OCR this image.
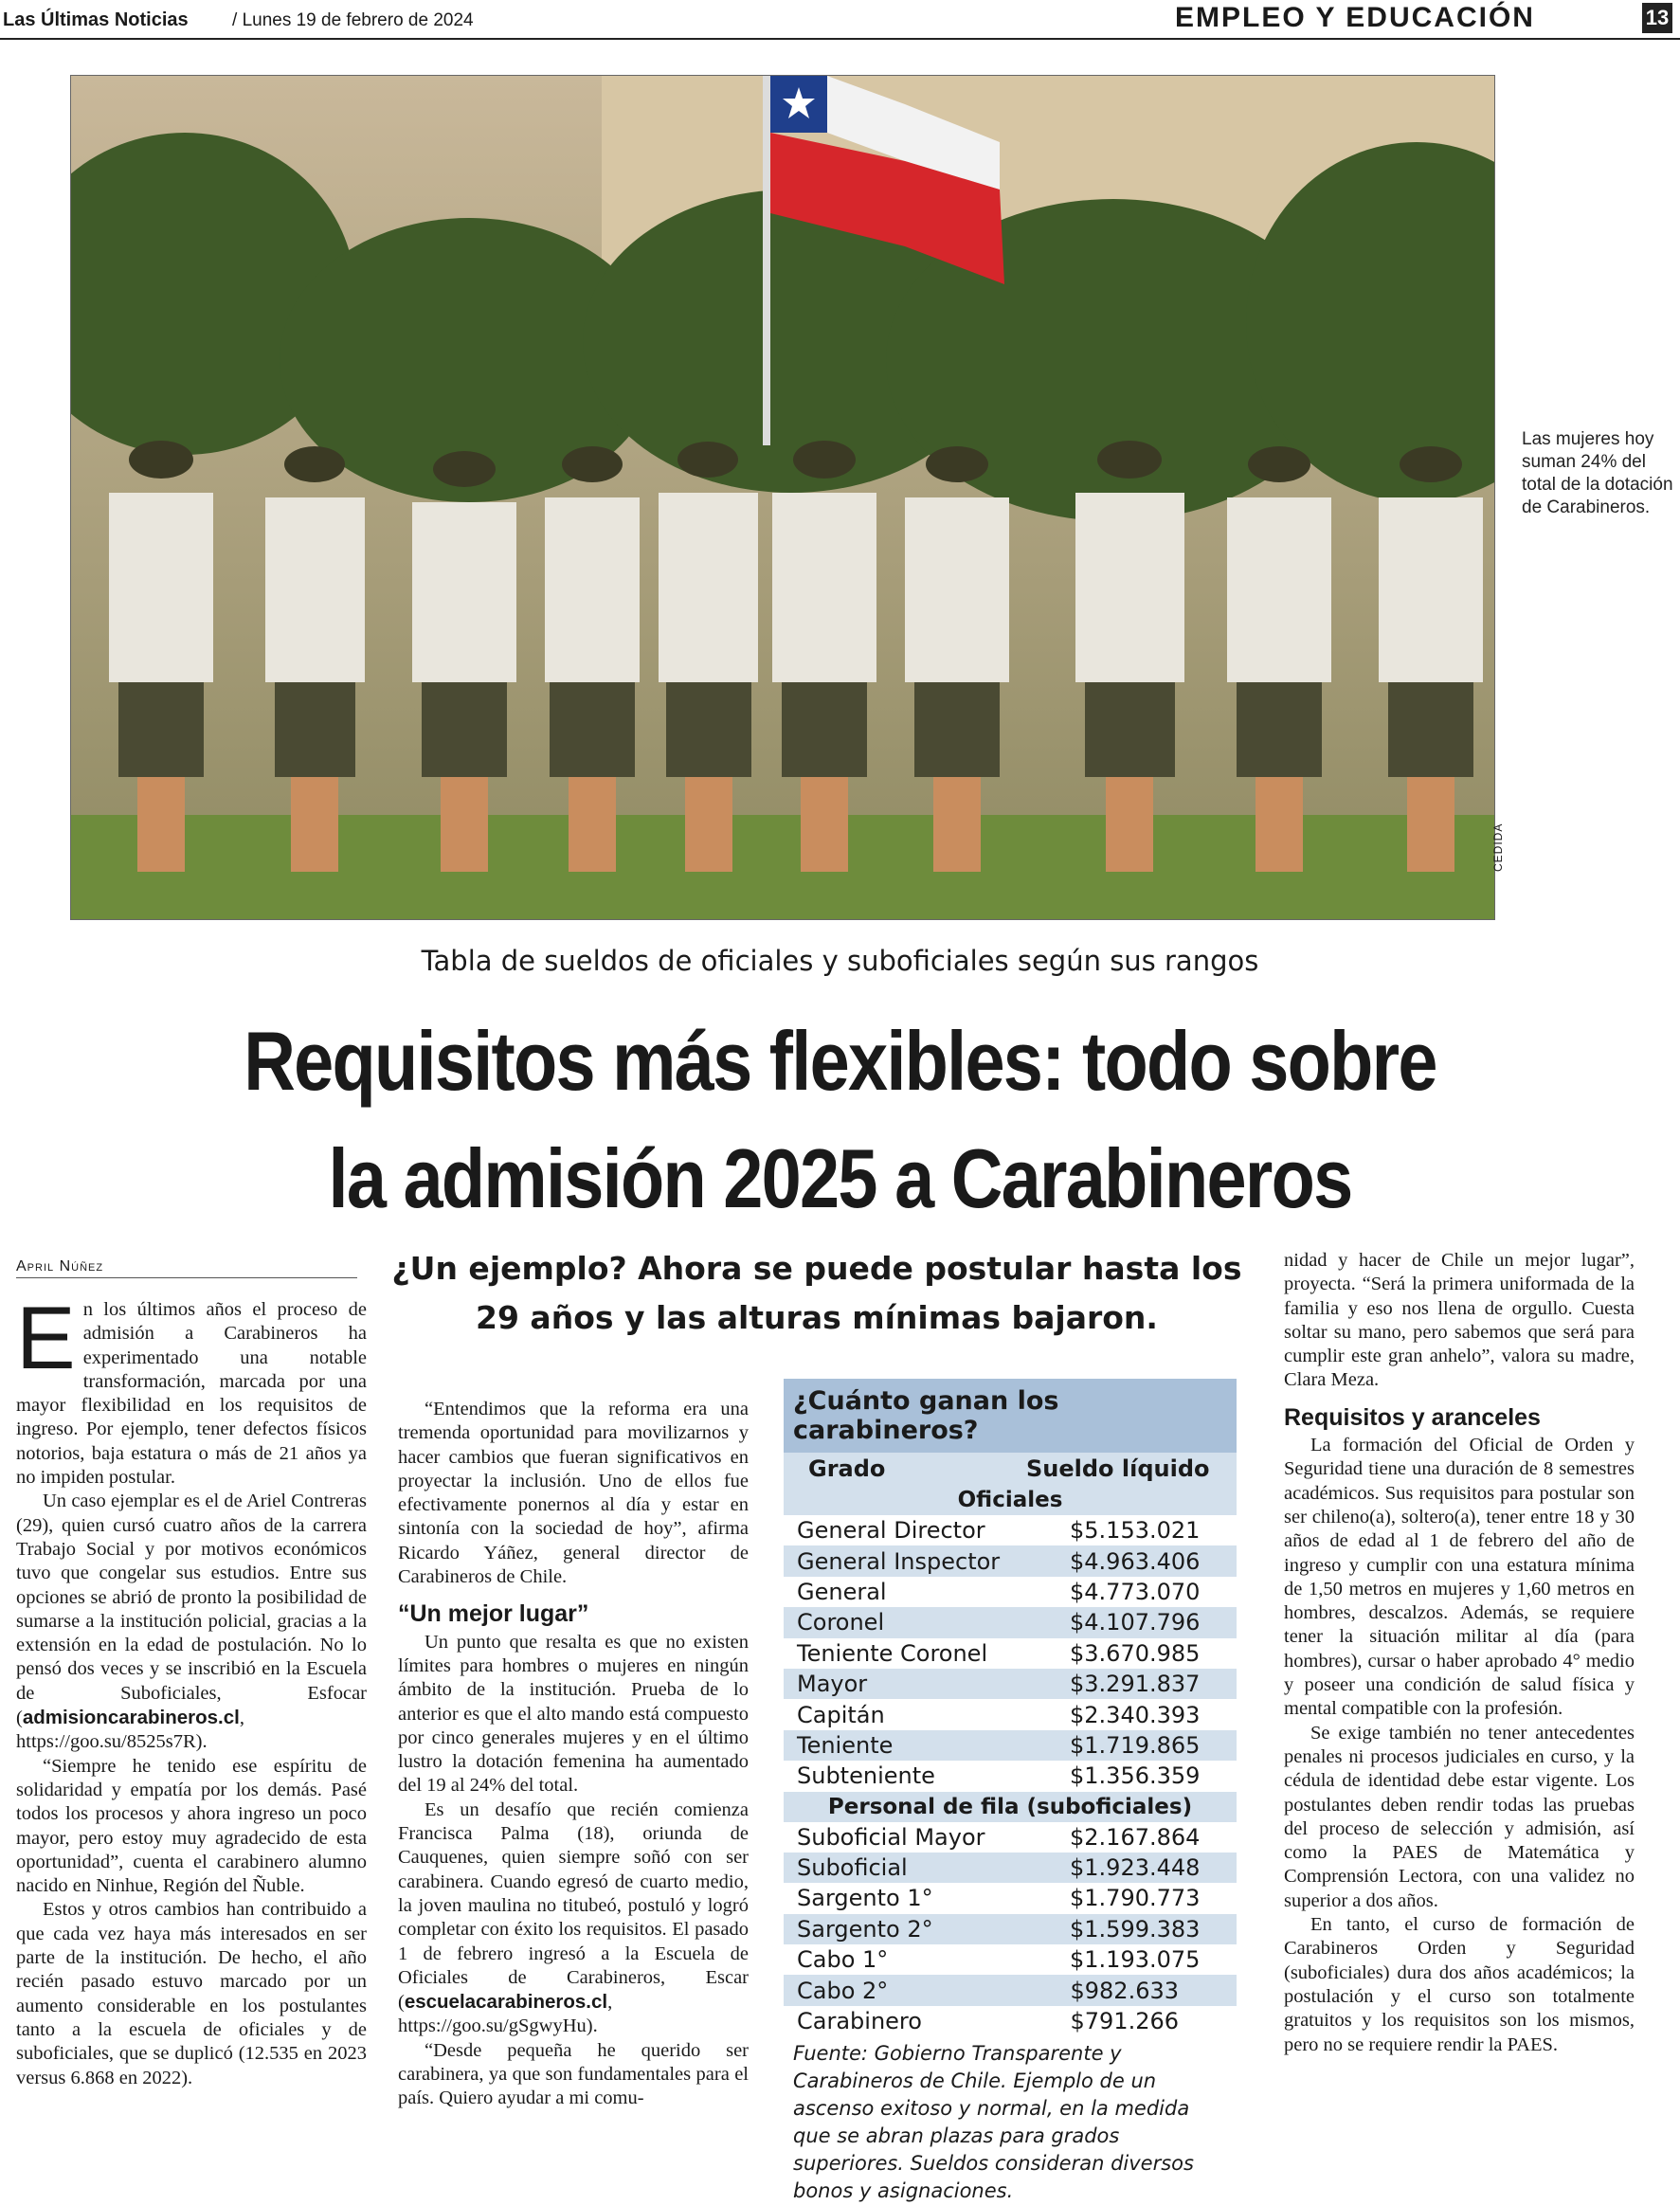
Las Últimas Noticias / Lunes 19 de febrero de 2024	EMPLEO Y EDUCACIÓN	13
Las mujeres hoy suman 24% del total de la dotación de Carabineros.
CEDIDA
Tabla de sueldos de oficiales y suboficiales según sus rangos
Requisitos más flexibles: todo sobre
la admisión 2025 a Carabineros
¿Un ejemplo? Ahora se puede postular hasta los 29 años y las alturas mínimas bajaron.
April Núñez

En los últimos años el proceso de admisión a Carabineros ha experimentado una notable transformación, marcada por una mayor flexibilidad en los requisitos de ingreso. Por ejemplo, tener defectos físicos notorios, baja estatura o más de 21 años ya no impiden postular.

Un caso ejemplar es el de Ariel Contreras (29), quien cursó cuatro años de la carrera Trabajo Social y por motivos económicos tuvo que congelar sus estudios. Entre sus opciones se abrió de pronto la posibilidad de sumarse a la institución policial, gracias a la extensión en la edad de postulación. No lo pensó dos veces y se inscribió en la Escuela de Suboficiales, Esfocar (admisioncarabineros.cl, https://goo.su/8525s7R).

“Siempre he tenido ese espíritu de solidaridad y empatía por los demás. Pasé todos los procesos y ahora ingreso un poco mayor, pero estoy muy agradecido de esta oportunidad”, cuenta el carabinero alumno nacido en Ninhue, Región del Ñuble.

Estos y otros cambios han contribuido a que cada vez haya más interesados en ser parte de la institución. De hecho, el año recién pasado estuvo marcado por un aumento considerable en los postulantes tanto a la escuela de oficiales y de suboficiales, que se duplicó (12.535 en 2023 versus 6.868 en 2022).

“Entendimos que la reforma era una tremenda oportunidad para movilizarnos y hacer cambios que fueran significativos en proyectar la inclusión. Uno de ellos fue efectivamente ponernos al día y estar en sintonía con la sociedad de hoy”, afirma Ricardo Yáñez, general director de Carabineros de Chile.

“Un mejor lugar”

Un punto que resalta es que no existen límites para hombres o mujeres en ningún ámbito de la institución. Prueba de lo anterior es que el alto mando está compuesto por cinco generales mujeres y en el último lustro la dotación femenina ha aumentado del 19 al 24% del total.

Es un desafío que recién comienza Francisca Palma (18), oriunda de Cauquenes, quien siempre soñó con ser carabinera. Cuando egresó de cuarto medio, la joven maulina no titubeó, postuló y logró completar con éxito los requisitos. El pasado 1 de febrero ingresó a la Escuela de Oficiales de Carabineros, Escar (escuelacarabineros.cl, https://goo.su/gSgwyHu).

“Desde pequeña he querido ser carabinera, ya que son fundamentales para el país. Quiero ayudar a mi comu-

¿Cuánto ganan los carabineros?
Grado	Sueldo líquido
Oficiales
General Director	$5.153.021
General Inspector	$4.963.406
General	$4.773.070
Coronel	$4.107.796
Teniente Coronel	$3.670.985
Mayor	$3.291.837
Capitán	$2.340.393
Teniente	$1.719.865
Subteniente	$1.356.359
Personal de fila (suboficiales)
Suboficial Mayor	$2.167.864
Suboficial	$1.923.448
Sargento 1°	$1.790.773
Sargento 2°	$1.599.383
Cabo 1°	$1.193.075
Cabo 2°	$982.633
Carabinero	$791.266
Fuente: Gobierno Transparente y Carabineros de Chile. Ejemplo de un ascenso exitoso y normal, en la medida que se abran plazas para grados superiores. Sueldos consideran diversos bonos y asignaciones.

nidad y hacer de Chile un mejor lugar”, proyecta. “Será la primera uniformada de la familia y eso nos llena de orgullo. Cuesta soltar su mano, pero sabemos que será para cumplir este gran anhelo”, valora su madre, Clara Meza.

Requisitos y aranceles

La formación del Oficial de Orden y Seguridad tiene una duración de 8 semestres académicos. Sus requisitos para postular son ser chileno(a), soltero(a), tener entre 18 y 30 años de edad al 1 de febrero del año de ingreso y cumplir con una estatura mínima de 1,50 metros en mujeres y 1,60 metros en hombres, descalzos. Además, se requiere tener la situación militar al día (para hombres), cursar o haber aprobado 4° medio y poseer una condición de salud física y mental compatible con la profesión.

Se exige también no tener antecedentes penales ni procesos judiciales en curso, y la cédula de identidad debe estar vigente. Los postulantes deben rendir todas las pruebas del proceso de selección y admisión, así como la PAES de Matemática y Comprensión Lectora, con una validez no superior a dos años.

En tanto, el curso de formación de Carabineros Orden y Seguridad (suboficiales) dura dos años académicos; la postulación y el curso son totalmente gratuitos y los requisitos son los mismos, pero no se requiere rendir la PAES.
